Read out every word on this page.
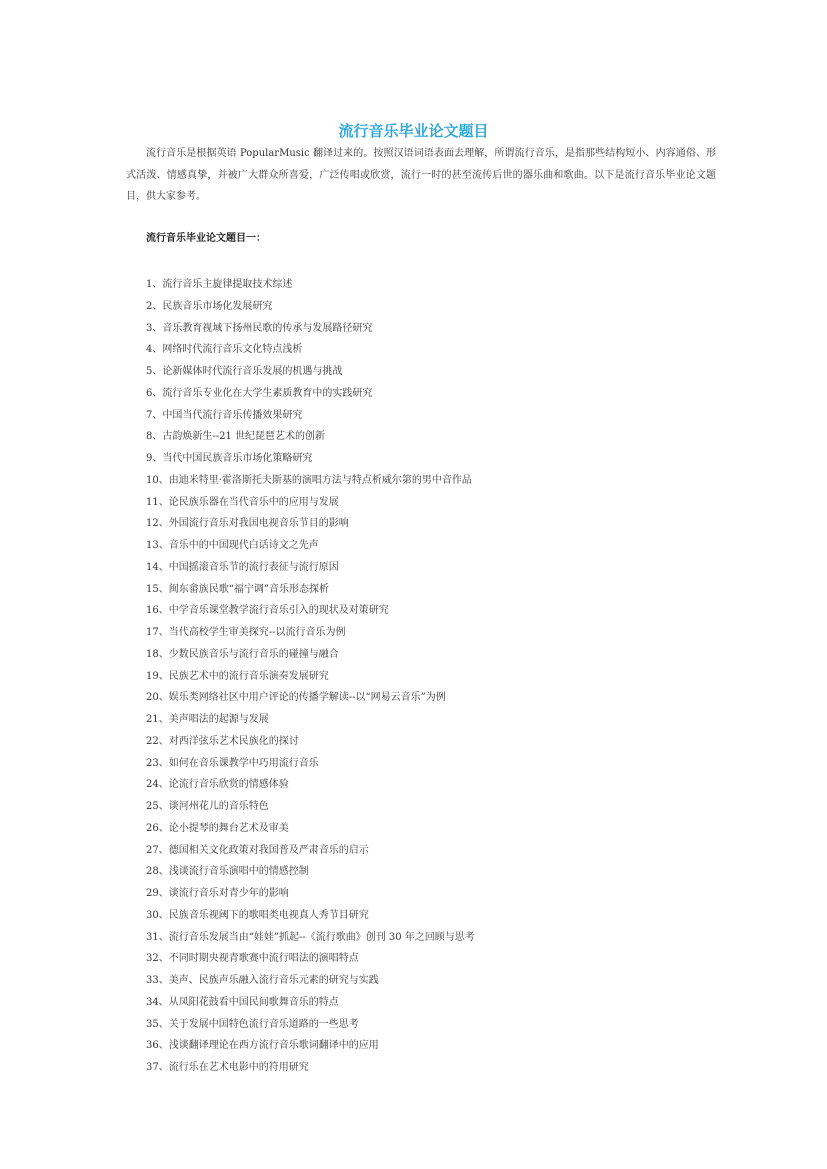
流行音乐毕业论文题目
流行音乐是根据英语 PopularMusic 翻译过来的。按照汉语词语表面去理解，所谓流行音乐，是指那些结构短小、内容通俗、形式活泼、情感真挚，并被广大群众所喜爱，广泛传唱或欣赏，流行一时的甚至流传后世的器乐曲和歌曲。以下是流行音乐毕业论文题目，供大家参考。
流行音乐毕业论文题目一：
1、流行音乐主旋律提取技术综述
2、民族音乐市场化发展研究
3、音乐教育视域下扬州民歌的传承与发展路径研究
4、网络时代流行音乐文化特点浅析
5、论新媒体时代流行音乐发展的机遇与挑战
6、流行音乐专业化在大学生素质教育中的实践研究
7、中国当代流行音乐传播效果研究
8、古韵焕新生--21 世纪琵琶艺术的创新
9、当代中国民族音乐市场化策略研究
10、由迪米特里·霍洛斯托夫斯基的演唱方法与特点析威尔第的男中音作品
11、论民族乐器在当代音乐中的应用与发展
12、外国流行音乐对我国电视音乐节目的影响
13、音乐中的中国现代白话诗文之先声
14、中国摇滚音乐节的流行表征与流行原因
15、闽东畲族民歌“福宁调”音乐形态探析
16、中学音乐课堂教学流行音乐引入的现状及对策研究
17、当代高校学生审美探究--以流行音乐为例
18、少数民族音乐与流行音乐的碰撞与融合
19、民族艺术中的流行音乐演奏发展研究
20、娱乐类网络社区中用户评论的传播学解读--以“网易云音乐”为例
21、美声唱法的起源与发展
22、对西洋弦乐艺术民族化的探讨
23、如何在音乐课教学中巧用流行音乐
24、论流行音乐欣赏的情感体验
25、谈河州花儿的音乐特色
26、论小提琴的舞台艺术及审美
27、德国相关文化政策对我国普及严肃音乐的启示
28、浅谈流行音乐演唱中的情感控制
29、谈流行音乐对青少年的影响
30、民族音乐视阈下的歌唱类电视真人秀节目研究
31、流行音乐发展当由“娃娃”抓起--《流行歌曲》创刊 30 年之回顾与思考
32、不同时期央视青歌赛中流行唱法的演唱特点
33、美声、民族声乐融入流行音乐元素的研究与实践
34、从凤阳花鼓看中国民间歌舞音乐的特点
35、关于发展中国特色流行音乐道路的一些思考
36、浅谈翻译理论在西方流行音乐歌词翻译中的应用
37、流行乐在艺术电影中的符用研究
